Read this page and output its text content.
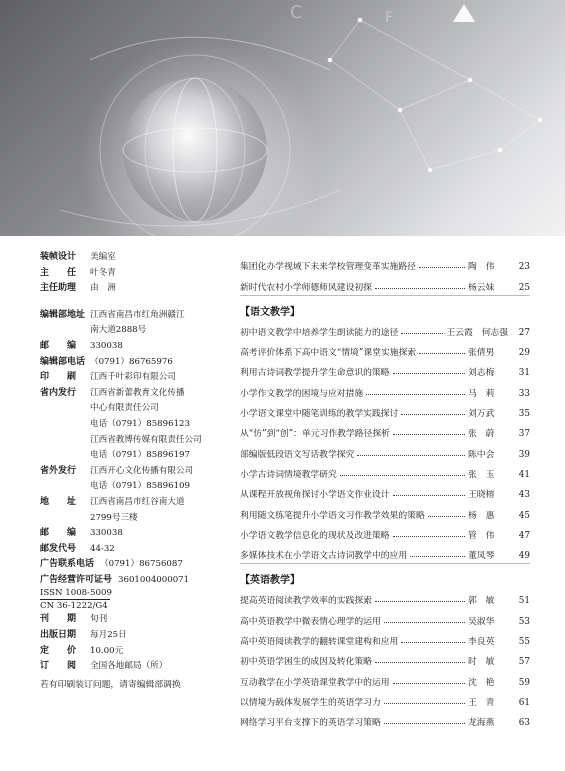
C	F
装帧设计	美编室
主　　任	叶冬青
主任助理	由　洲
编辑部地址 江西省南昌市红角洲赣江
南大道2888号
邮　　编	330038
编辑部电话 （0791）86765976
印　　刷	江西千叶彩印有限公司
省内发行	江西省新蕾教育文化传播
中心有限责任公司
电话（0791）85896123
江西省教博传媒有限责任公司
电话（0791）85896197
省外发行	江西开心文化传播有限公司
电话（0791）85896109
地　　址	江西省南昌市红谷南大道
2799号三楼
邮　　编	330038
邮发代号	44-32
广告联系电话 （0791）86756087
广告经营许可证号 3601004000071
ISSN 1008-5009
CN 36-1222/G4
刊　　期	旬刊
出版日期	每月25日
定　　价	10.00元
订　　阅	全国各地邮局（所）
若有印刷装订问题，请寄编辑部调换
集团化办学视域下未来学校管理变革实施路径	陶　伟	23
新时代农村小学师德师风建设初探	杨云妹	25
【语文教学】
初中语文教学中培养学生朗读能力的途径	王云霞　何志强	27
高考评价体系下高中语文“情境”课堂实施探索	张倩男	29
利用古诗词教学提升学生命意识的策略	刘志梅	31
小学作文教学的困境与应对措施	马　莉	33
小学语文课堂中随笔训练的教学实践探讨	刘万武	35
从“仿”到“创”：单元习作教学路径探析	张　蔚	37
部编版低段语文写话教学探究	陈中会	39
小学古诗词情境教学研究	张　玉	41
从课程开放视角探讨小学语文作业设计	王晓榕	43
利用随文练笔提升小学语文习作教学效果的策略	杨　惠	45
小学语文教学信息化的现状及改进策略	管　伟	47
多媒体技术在小学语文古诗词教学中的应用	董凤琴	49
【英语教学】
提高英语阅读教学效率的实践探索	郭　敏	51
高中英语教学中微表情心理学的运用	吴淑华	53
高中英语阅读教学的翻转课堂建构和应用	李良英	55
初中英语学困生的成因及转化策略	时　敏	57
互动教学在小学英语课堂教学中的运用	沈　艳	59
以情境为载体发展学生的英语学习力	王　青	61
网络学习平台支撑下的英语学习策略	龙海燕	63
